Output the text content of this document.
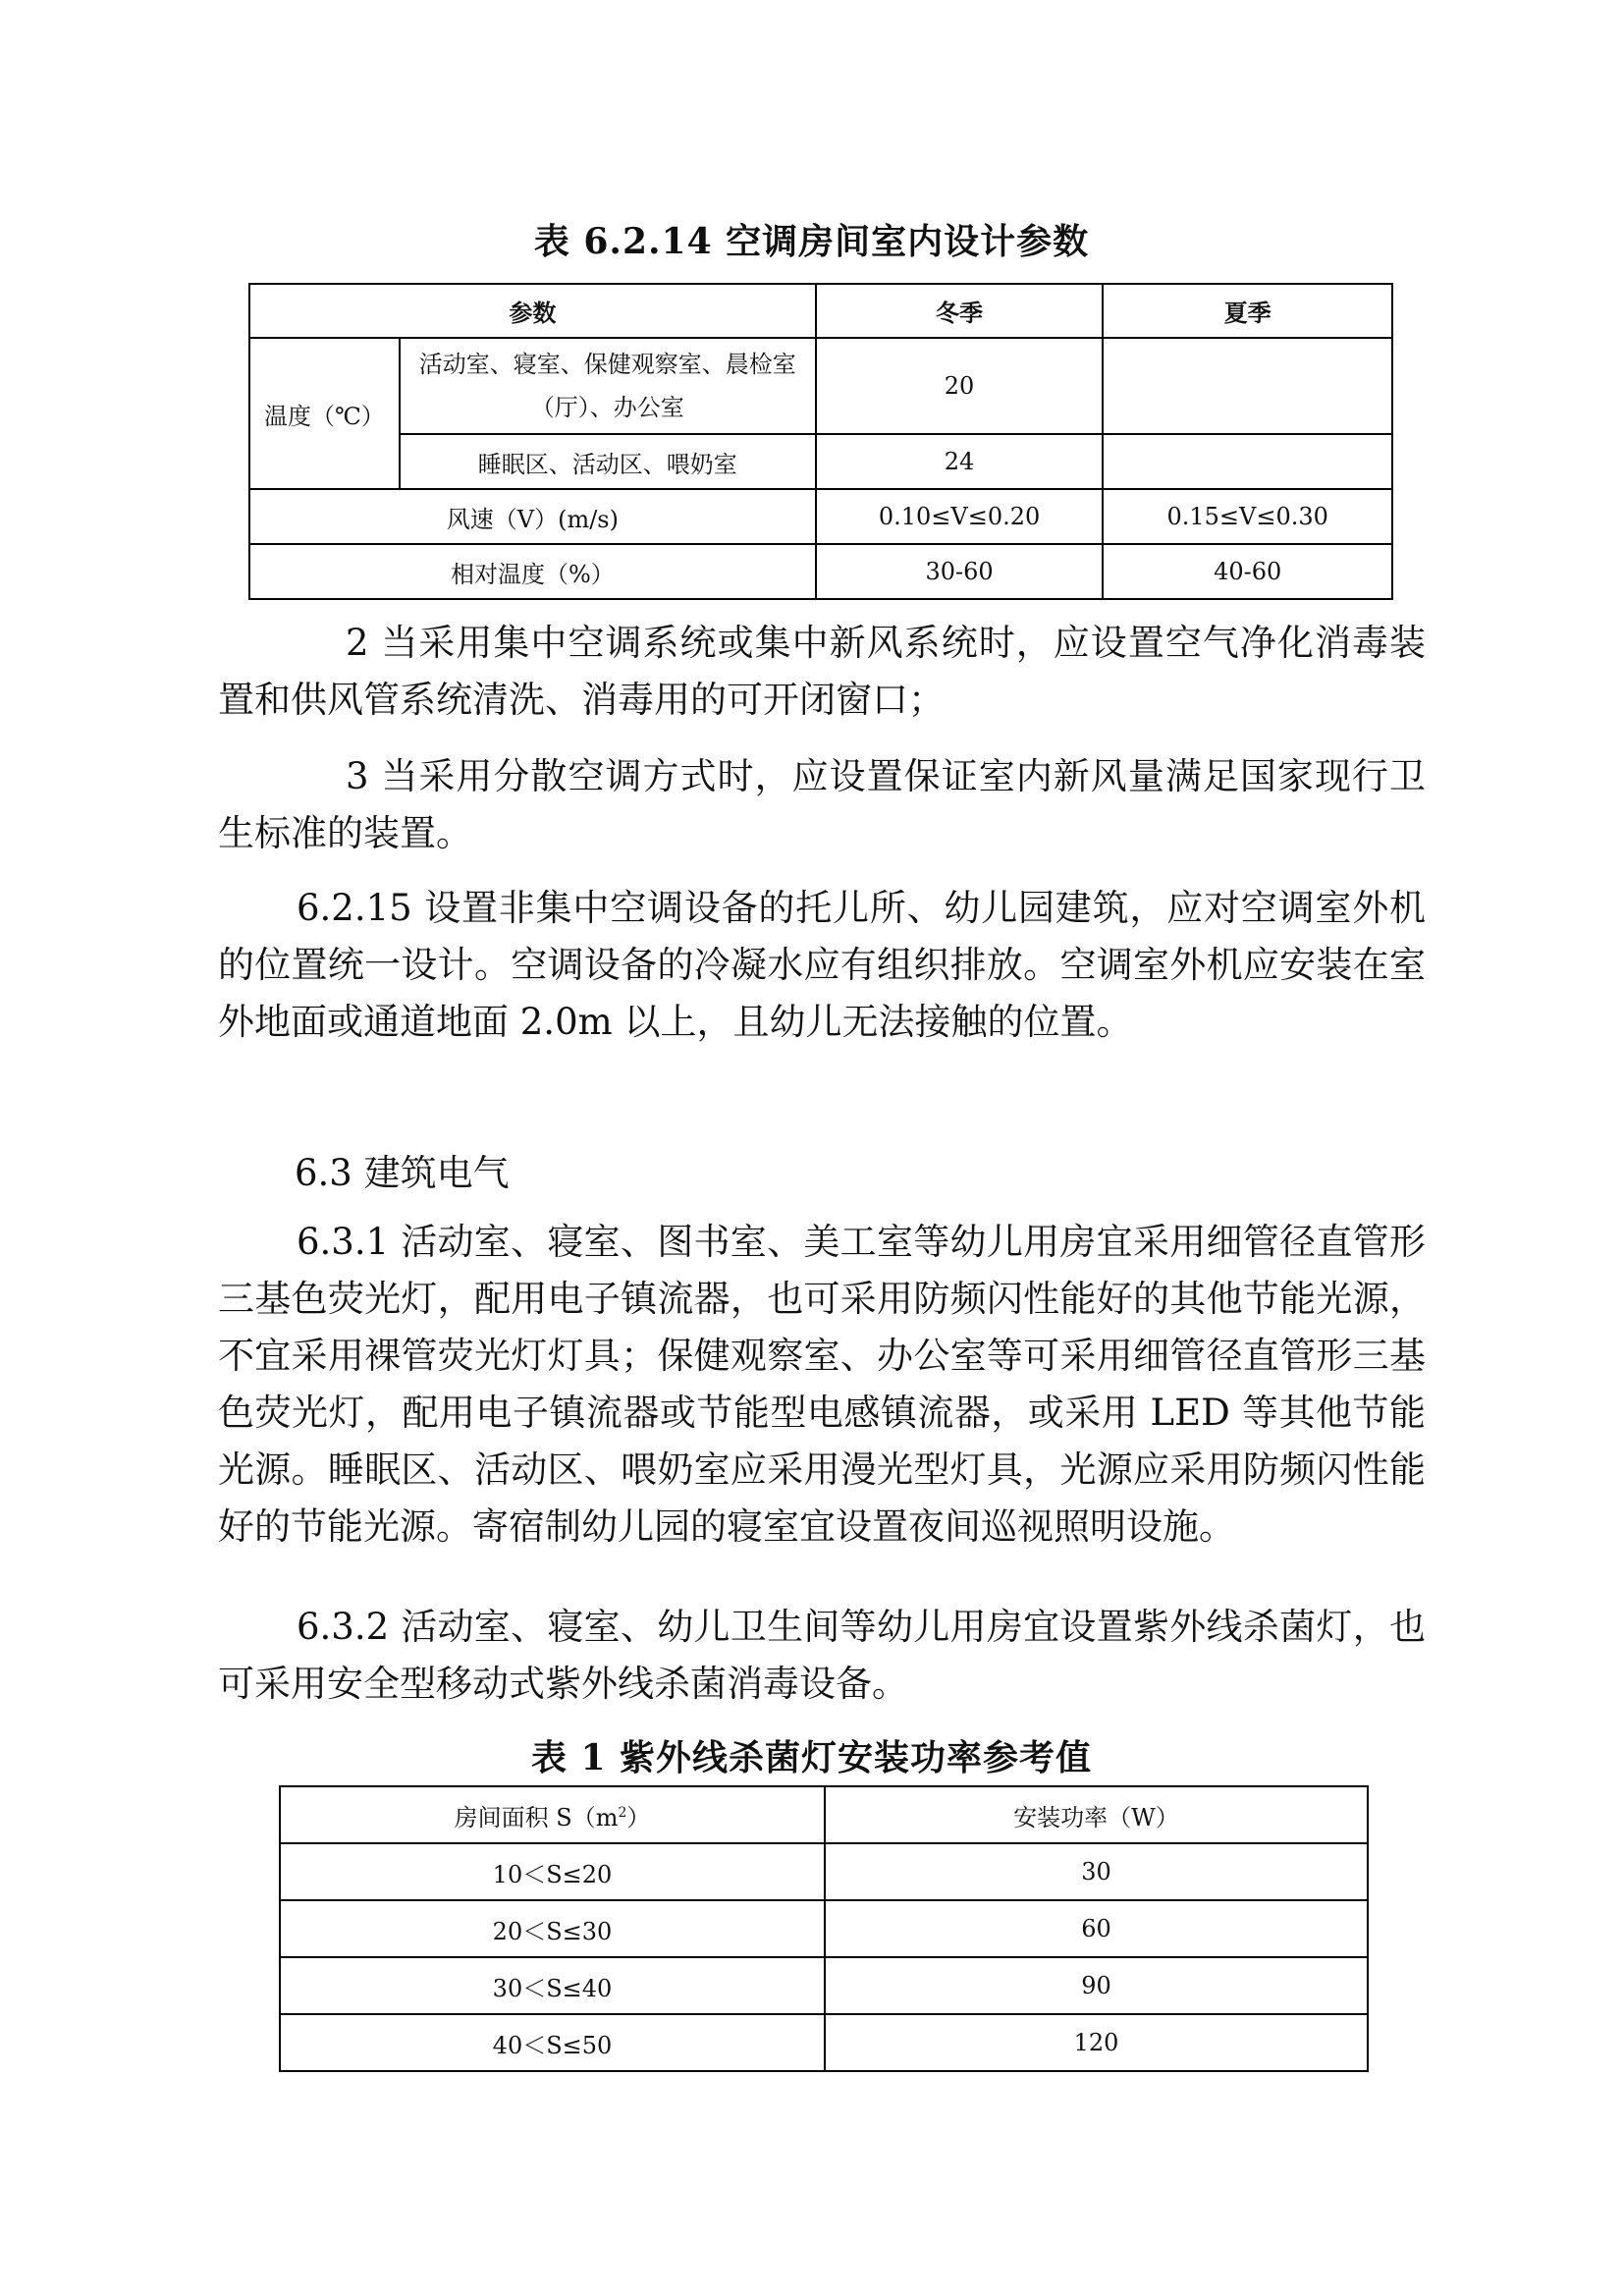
表 6.2.14 空调房间室内设计参数
参数		冬季	夏季
温度（℃）	活动室、寝室、保健观察室、晨检室（厅）、办公室	20	
	睡眠区、活动区、喂奶室	24	
风速（V）(m/s)		0.10≤V≤0.20	0.15≤V≤0.30
相对温度（%）		30-60	40-60

2 当采用集中空调系统或集中新风系统时，应设置空气净化消毒装置和供风管系统清洗、消毒用的可开闭窗口；

3 当采用分散空调方式时，应设置保证室内新风量满足国家现行卫生标准的装置。

6.2.15 设置非集中空调设备的托儿所、幼儿园建筑，应对空调室外机的位置统一设计。空调设备的冷凝水应有组织排放。空调室外机应安装在室外地面或通道地面 2.0m 以上，且幼儿无法接触的位置。

6.3 建筑电气

6.3.1 活动室、寝室、图书室、美工室等幼儿用房宜采用细管径直管形三基色荧光灯，配用电子镇流器，也可采用防频闪性能好的其他节能光源，不宜采用裸管荧光灯灯具；保健观察室、办公室等可采用细管径直管形三基色荧光灯，配用电子镇流器或节能型电感镇流器，或采用 LED 等其他节能光源。睡眠区、活动区、喂奶室应采用漫光型灯具，光源应采用防频闪性能好的节能光源。寄宿制幼儿园的寝室宜设置夜间巡视照明设施。

6.3.2 活动室、寝室、幼儿卫生间等幼儿用房宜设置紫外线杀菌灯，也可采用安全型移动式紫外线杀菌消毒设备。

表 1 紫外线杀菌灯安装功率参考值
房间面积 $S(m^2)$	安装功率（W）
10＜S≤20	30
20＜S≤30	60
30＜S≤40	90
40＜S≤50	120
